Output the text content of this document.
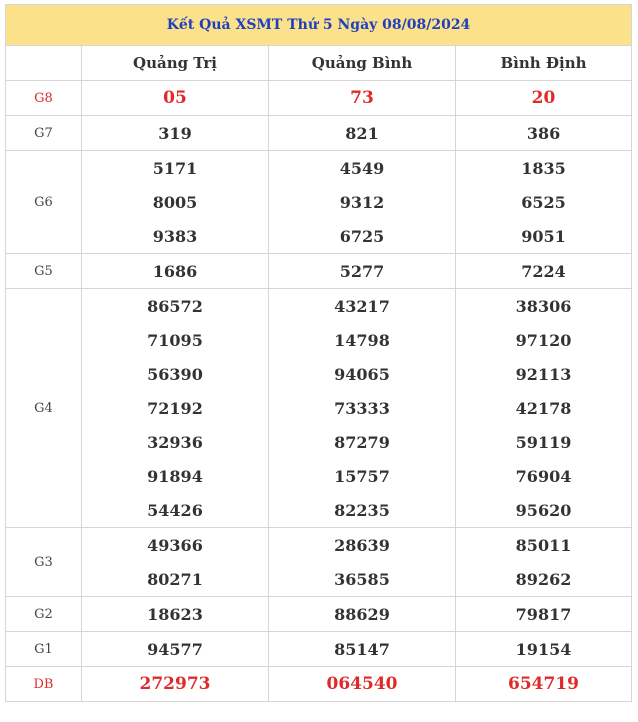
Kết Quả XSMT Thứ 5 Ngày 08/08/2024			
	Quảng Trị	Quảng Bình	Bình Định
G8	05	73	20
G7	319	821	386
G6	5171	4549	1835
	8005	9312	6525
	9383	6725	9051
G5	1686	5277	7224
G4	86572	43217	38306
	71095	14798	97120
	56390	94065	92113
	72192	73333	42178
	32936	87279	59119
	91894	15757	76904
	54426	82235	95620
G3	49366	28639	85011
	80271	36585	89262
G2	18623	88629	79817
G1	94577	85147	19154
DB	272973	064540	654719
